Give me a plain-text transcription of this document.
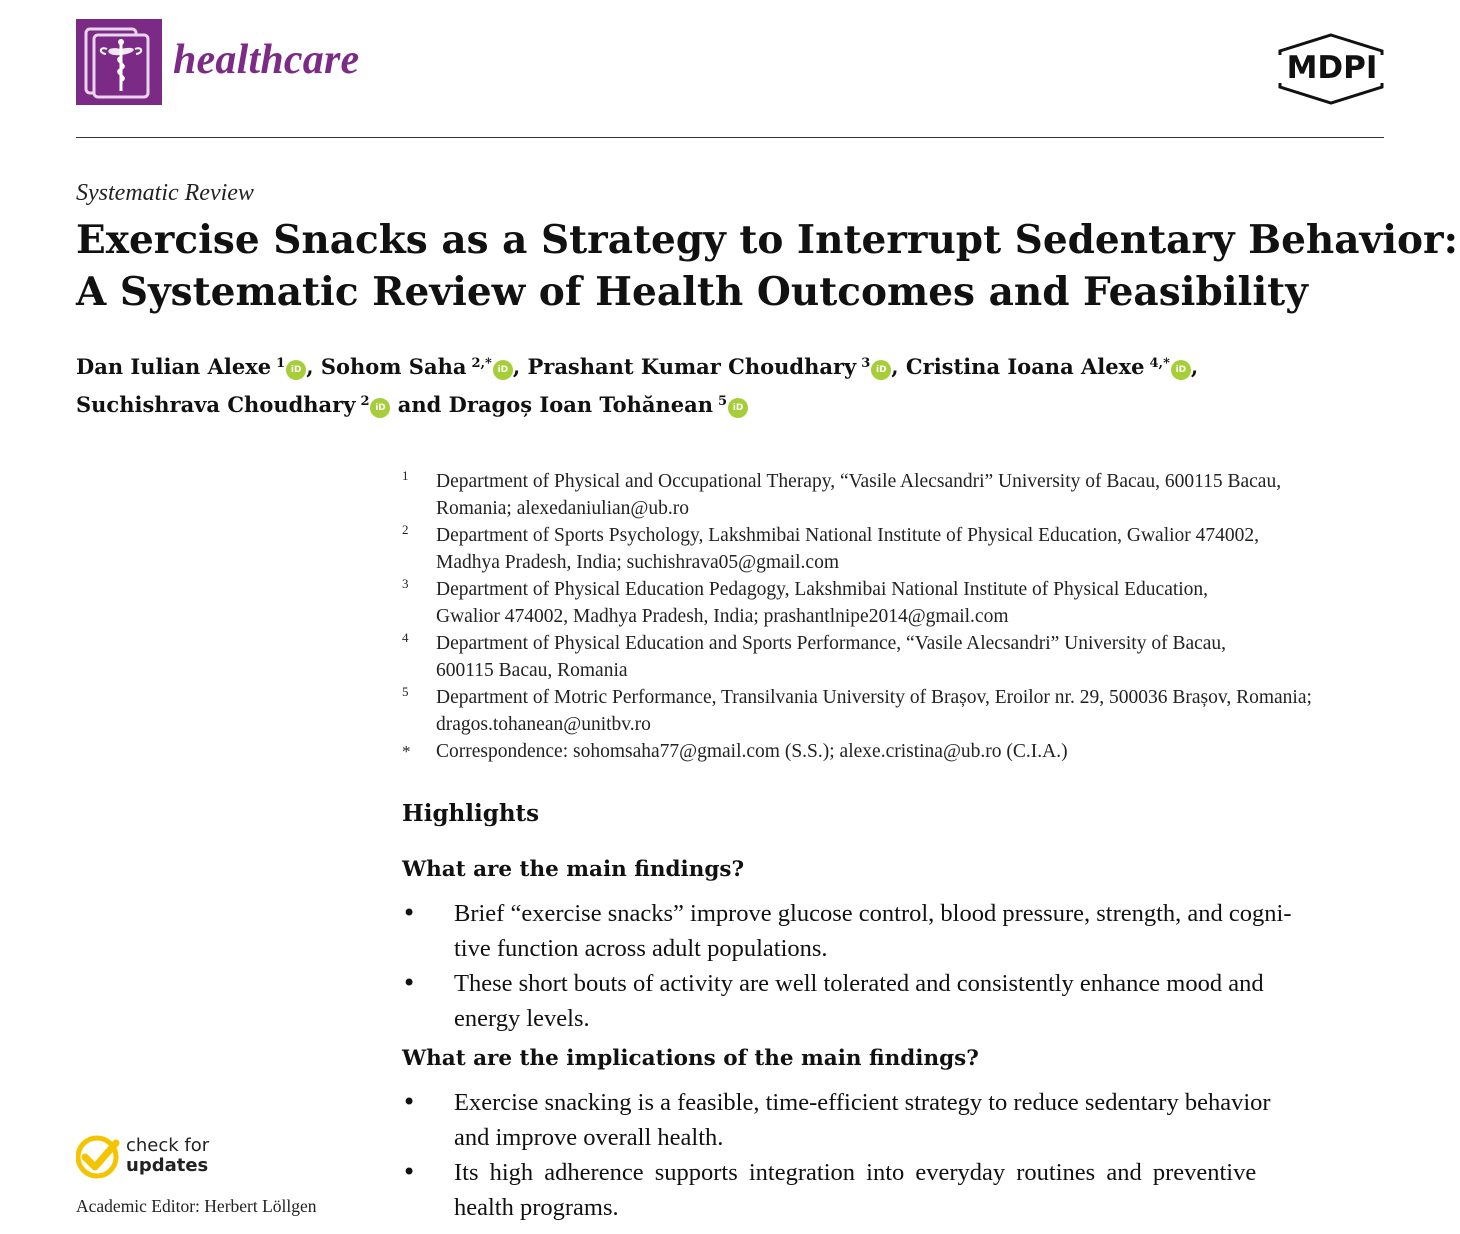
healthcare	MDPI
Systematic Review
Exercise Snacks as a Strategy to Interrupt Sedentary Behavior:
A Systematic Review of Health Outcomes and Feasibility
Dan Iulian Alexe $^1$ iD , Sohom Saha $^{2,*}$ iD , Prashant Kumar Choudhary $^3$ iD , Cristina Ioana Alexe $^{4,*}$ iD ,
Suchishrava Choudhary $^2$ iD and Dragoș Ioan Tohănean $^5$ iD
1 Department of Physical and Occupational Therapy, “Vasile Alecsandri” University of Bacau, 600115 Bacau,
Romania; alexedaniulian@ub.ro
2 Department of Sports Psychology, Lakshmibai National Institute of Physical Education, Gwalior 474002,
Madhya Pradesh, India; suchishrava05@gmail.com
3 Department of Physical Education Pedagogy, Lakshmibai National Institute of Physical Education,
Gwalior 474002, Madhya Pradesh, India; prashantlnipe2014@gmail.com
4 Department of Physical Education and Sports Performance, “Vasile Alecsandri” University of Bacau,
600115 Bacau, Romania
5 Department of Motric Performance, Transilvania University of Brașov, Eroilor nr. 29, 500036 Brașov, Romania;
dragos.tohanean@unitbv.ro
* Correspondence: sohomsaha77@gmail.com (S.S.); alexe.cristina@ub.ro (C.I.A.)
Highlights
What are the main findings?
• Brief “exercise snacks” improve glucose control, blood pressure, strength, and cogni-
tive function across adult populations.
• These short bouts of activity are well tolerated and consistently enhance mood and
energy levels.
What are the implications of the main findings?
• Exercise snacking is a feasible, time-efficient strategy to reduce sedentary behavior
and improve overall health.
• Its high adherence supports integration into everyday routines and preventive
health programs.
check for
updates
Academic Editor: Herbert Löllgen
